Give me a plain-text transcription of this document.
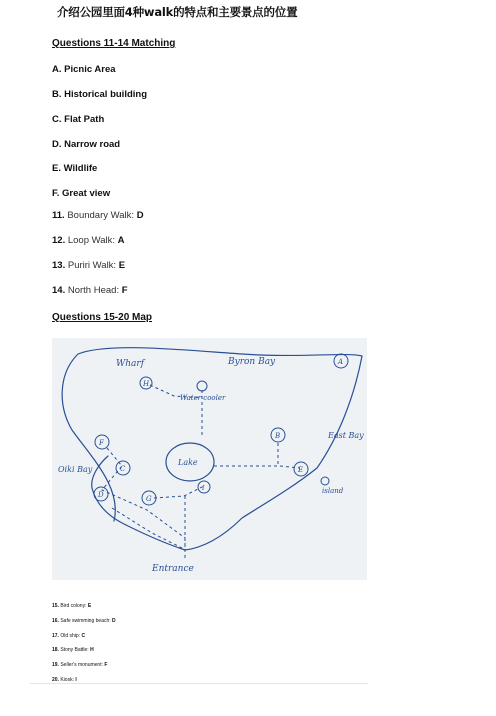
介绍公园里面4种walk的特点和主要景点的位置
Questions 11-14 Matching
A. Picnic Area
B. Historical building
C. Flat Path
D. Narrow road
E. Wildlife
F. Great view
11. Boundary Walk: D
12. Loop Walk: A
13. Puriri Walk: E
14. North Head: F
Questions 15-20 Map
H
A
B
E
F
C
D	G
I
Wharf	Byron Bay
Water cooler
East Bay
Oiki Bay
Lake
island
Entrance
15. Bird colony: E
16. Safe swimming beach: D
17. Old ship: C
18. Stony Battle: H
19. Seller's monument: F
20. Kiosk: I
